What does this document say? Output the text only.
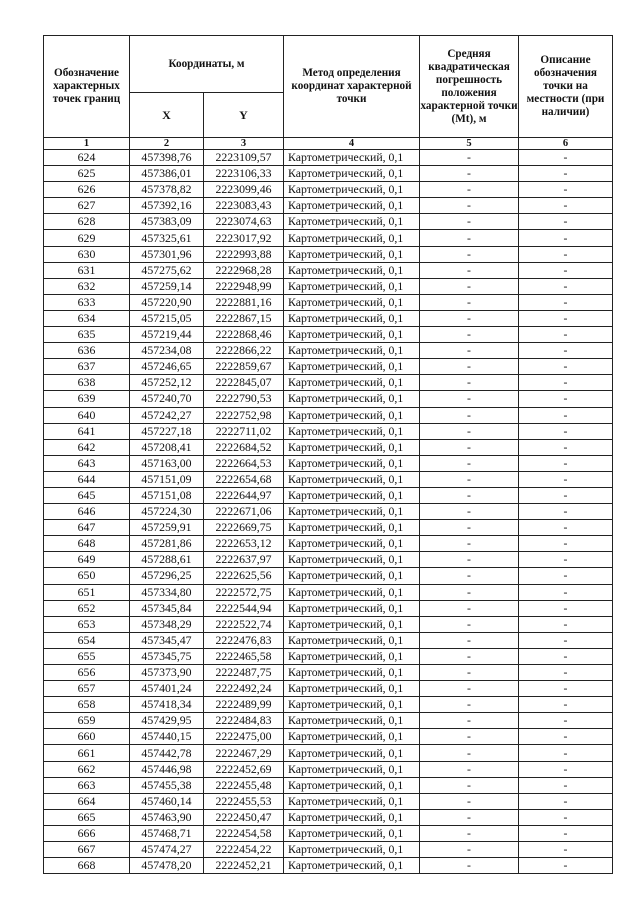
Обозначение характерных точек границ	Координаты, м		Метод определения координат характерной точки	Средняя квадратическая погрешность положения характерной точки (Mt), м	Описание обозначения точки на местности (при наличии)
	X	Y			
1	2	3	4	5	6
624	457398,76	2223109,57	Картометрический, 0,1	-	-
625	457386,01	2223106,33	Картометрический, 0,1	-	-
626	457378,82	2223099,46	Картометрический, 0,1	-	-
627	457392,16	2223083,43	Картометрический, 0,1	-	-
628	457383,09	2223074,63	Картометрический, 0,1	-	-
629	457325,61	2223017,92	Картометрический, 0,1	-	-
630	457301,96	2222993,88	Картометрический, 0,1	-	-
631	457275,62	2222968,28	Картометрический, 0,1	-	-
632	457259,14	2222948,99	Картометрический, 0,1	-	-
633	457220,90	2222881,16	Картометрический, 0,1	-	-
634	457215,05	2222867,15	Картометрический, 0,1	-	-
635	457219,44	2222868,46	Картометрический, 0,1	-	-
636	457234,08	2222866,22	Картометрический, 0,1	-	-
637	457246,65	2222859,67	Картометрический, 0,1	-	-
638	457252,12	2222845,07	Картометрический, 0,1	-	-
639	457240,70	2222790,53	Картометрический, 0,1	-	-
640	457242,27	2222752,98	Картометрический, 0,1	-	-
641	457227,18	2222711,02	Картометрический, 0,1	-	-
642	457208,41	2222684,52	Картометрический, 0,1	-	-
643	457163,00	2222664,53	Картометрический, 0,1	-	-
644	457151,09	2222654,68	Картометрический, 0,1	-	-
645	457151,08	2222644,97	Картометрический, 0,1	-	-
646	457224,30	2222671,06	Картометрический, 0,1	-	-
647	457259,91	2222669,75	Картометрический, 0,1	-	-
648	457281,86	2222653,12	Картометрический, 0,1	-	-
649	457288,61	2222637,97	Картометрический, 0,1	-	-
650	457296,25	2222625,56	Картометрический, 0,1	-	-
651	457334,80	2222572,75	Картометрический, 0,1	-	-
652	457345,84	2222544,94	Картометрический, 0,1	-	-
653	457348,29	2222522,74	Картометрический, 0,1	-	-
654	457345,47	2222476,83	Картометрический, 0,1	-	-
655	457345,75	2222465,58	Картометрический, 0,1	-	-
656	457373,90	2222487,75	Картометрический, 0,1	-	-
657	457401,24	2222492,24	Картометрический, 0,1	-	-
658	457418,34	2222489,99	Картометрический, 0,1	-	-
659	457429,95	2222484,83	Картометрический, 0,1	-	-
660	457440,15	2222475,00	Картометрический, 0,1	-	-
661	457442,78	2222467,29	Картометрический, 0,1	-	-
662	457446,98	2222452,69	Картометрический, 0,1	-	-
663	457455,38	2222455,48	Картометрический, 0,1	-	-
664	457460,14	2222455,53	Картометрический, 0,1	-	-
665	457463,90	2222450,47	Картометрический, 0,1	-	-
666	457468,71	2222454,58	Картометрический, 0,1	-	-
667	457474,27	2222454,22	Картометрический, 0,1	-	-
668	457478,20	2222452,21	Картометрический, 0,1	-	-
